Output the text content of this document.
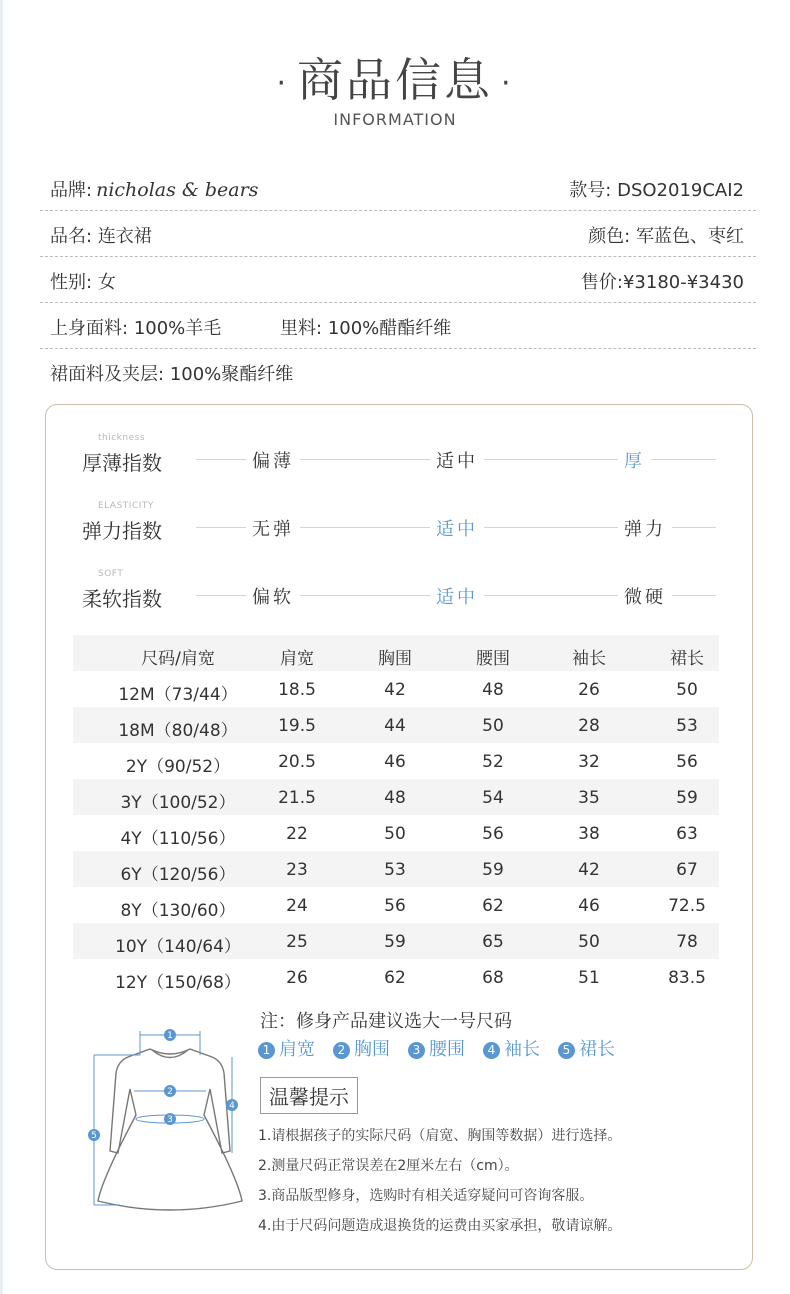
· 商品信息 ·
INFORMATION
品牌: nicholas & bears	款号: DSO2019CAI2
品名: 连衣裙	颜色: 军蓝色、枣红
性别: 女	售价:¥3180-¥3430
上身面料: 100%羊毛	里料: 100%醋酯纤维
裙面料及夹层: 100%聚酯纤维
thickness
厚薄指数	偏薄	适中	厚
ELASTICITY
弹力指数	无弹	适中	弹力
SOFT
柔软指数	偏软	适中	微硬
尺码/肩宽	肩宽	胸围	腰围	袖长	裙长
12M（73/44） 18.5	42	48	26	50
18M（80/48） 19.5	44	50	28	53
2Y（90/52）	20.5	46	52	32	56
3Y（100/52）	21.5	48	54	35	59
4Y（110/56）	22	50	56	38	63
6Y（120/56）	23	53	59	42	67
8Y（130/60）	24	56	62	46	72.5
10Y（140/64）	25	59	65	50	78
12Y（150/68）	26	62	68	51	83.5
1
2
3
4
5
注：修身产品建议选大一号尺码
1 肩宽 2 胸围 3 腰围 4 袖长 5 裙长
温馨提示
1.请根据孩子的实际尺码（肩宽、胸围等数据）进行选择。
2.测量尺码正常误差在2厘米左右（cm）。
3.商品版型修身，选购时有相关适穿疑问可咨询客服。
4.由于尺码问题造成退换货的运费由买家承担，敬请谅解。
